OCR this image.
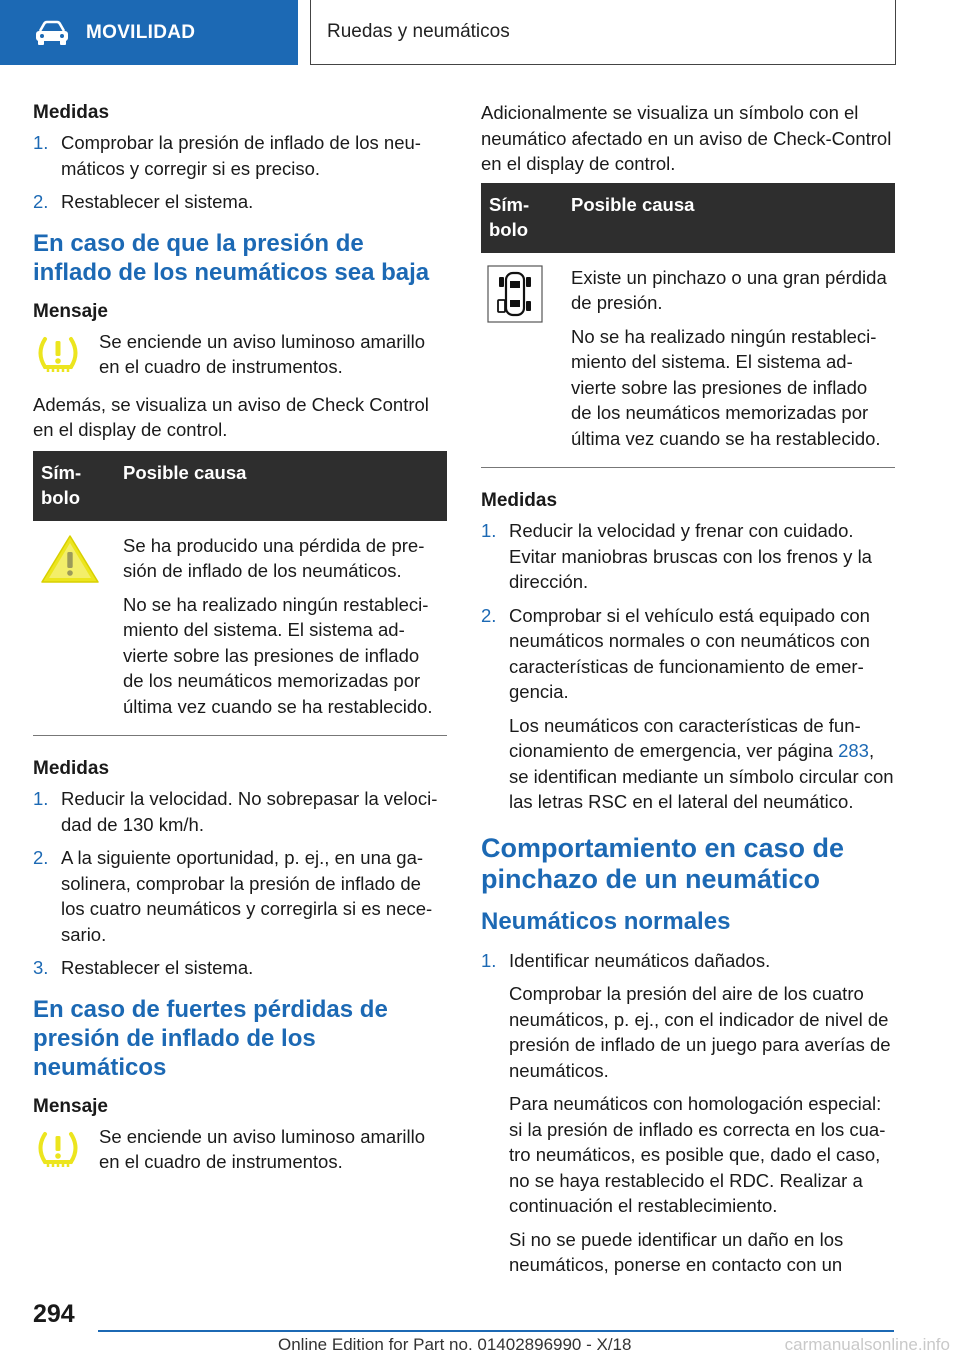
MOVILIDAD	Ruedas y neumáticos
Medidas
1. Comprobar la presión de inflado de los neumáticos y corregir si es preciso.
2. Restablecer el sistema.
En caso de que la presión de inflado de los neumáticos sea baja
Mensaje
Se enciende un aviso luminoso amarillo en el cuadro de instrumentos.
Además, se visualiza un aviso de Check Control en el display de control.
Símbolo	Posible causa

Se ha producido una pérdida de presión de inflado de los neumáticos.
No se ha realizado ningún restablecimiento del sistema. El sistema advierte sobre las presiones de inflado de los neumáticos memorizadas por última vez cuando se ha restablecido.
Medidas
1. Reducir la velocidad. No sobrepasar la velocidad de 130 km/h.
2. A la siguiente oportunidad, p. ej., en una gasolinera, comprobar la presión de inflado de los cuatro neumáticos y corregirla si es necesario.
3. Restablecer el sistema.
En caso de fuertes pérdidas de presión de inflado de los neumáticos
Mensaje
Se enciende un aviso luminoso amarillo en el cuadro de instrumentos.
Adicionalmente se visualiza un símbolo con el neumático afectado en un aviso de Check-Control en el display de control.
Símbolo	Posible causa

Existe un pinchazo o una gran pérdida de presión.
No se ha realizado ningún restablecimiento del sistema. El sistema advierte sobre las presiones de inflado de los neumáticos memorizadas por última vez cuando se ha restablecido.
Medidas
1. Reducir la velocidad y frenar con cuidado. Evitar maniobras bruscas con los frenos y la dirección.
2. Comprobar si el vehículo está equipado con neumáticos normales o con neumáticos con características de funcionamiento de emergencia.
Los neumáticos con características de funcionamiento de emergencia, ver página 283, se identifican mediante un símbolo circular con las letras RSC en el lateral del neumático.
Comportamiento en caso de pinchazo de un neumático
Neumáticos normales
1. Identificar neumáticos dañados.
Comprobar la presión del aire de los cuatro neumáticos, p. ej., con el indicador de nivel de presión de inflado de un juego para averías de neumáticos.
Para neumáticos con homologación especial: si la presión de inflado es correcta en los cuatro neumáticos, es posible que, dado el caso, no se haya restablecido el RDC. Realizar a continuación el restablecimiento.
Si no se puede identificar un daño en los neumáticos, ponerse en contacto con un
294
Online Edition for Part no. 01402896990 - X/18	carmanualsonline.info
